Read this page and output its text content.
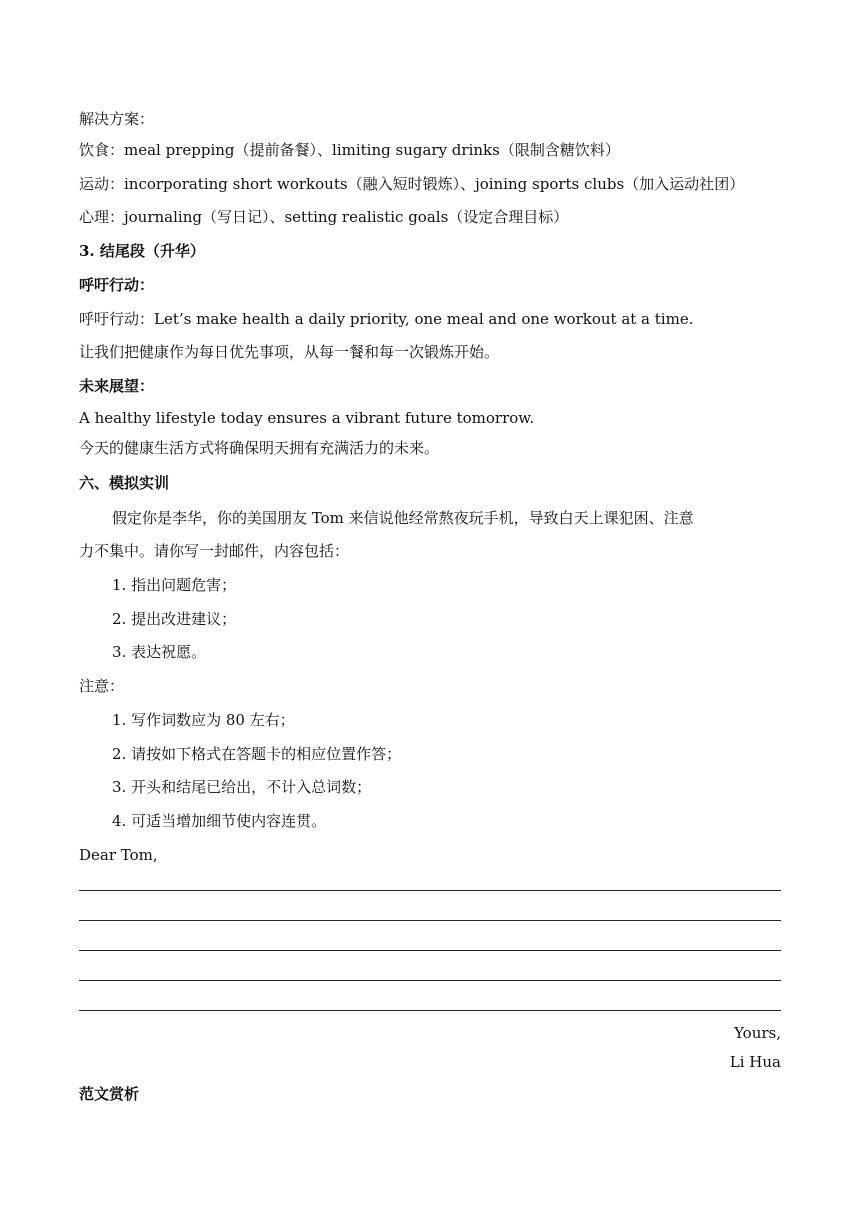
解决方案：
饮食：meal prepping（提前备餐）、limiting sugary drinks（限制含糖饮料）
运动：incorporating short workouts（融入短时锻炼）、joining sports clubs（加入运动社团）
心理：journaling（写日记）、setting realistic goals（设定合理目标）
3. 结尾段（升华）
呼吁行动：
呼吁行动：Let’s make health a daily priority, one meal and one workout at a time.
让我们把健康作为每日优先事项，从每一餐和每一次锻炼开始。
未来展望：
A healthy lifestyle today ensures a vibrant future tomorrow.
今天的健康生活方式将确保明天拥有充满活力的未来。
六、模拟实训
假定你是李华，你的美国朋友 Tom 来信说他经常熬夜玩手机，导致白天上课犯困、注意
力不集中。请你写一封邮件，内容包括：
1. 指出问题危害；
2. 提出改进建议；
3. 表达祝愿。
注意：
1. 写作词数应为 80 左右；
2. 请按如下格式在答题卡的相应位置作答；
3. 开头和结尾已给出，不计入总词数；
4. 可适当增加细节使内容连贯。
Dear Tom,
Yours,
Li Hua
范文赏析
